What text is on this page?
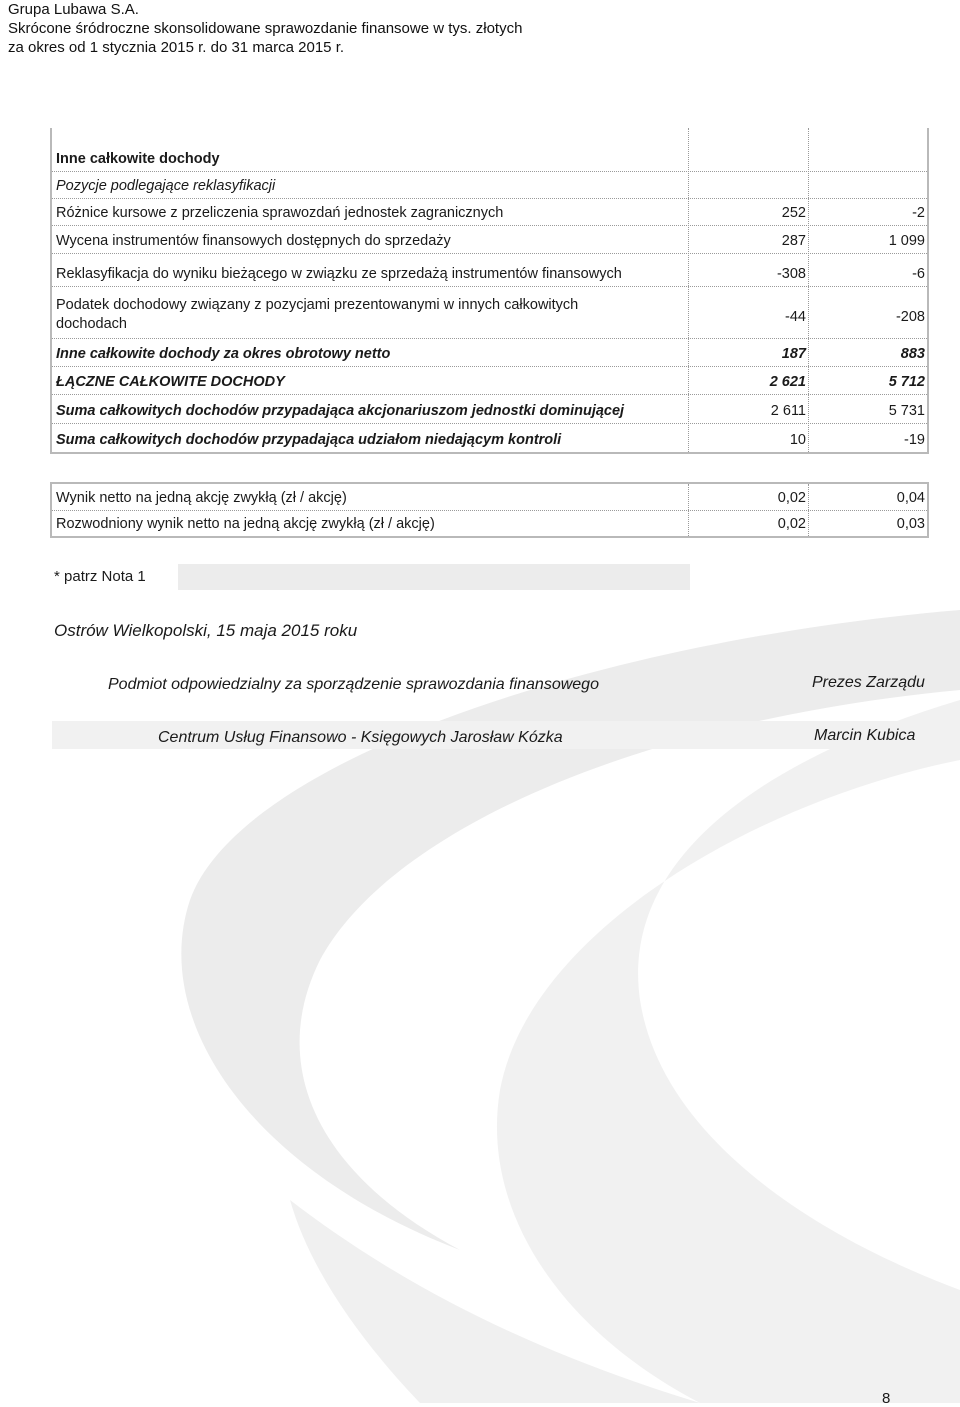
Grupa Lubawa S.A.
Skrócone śródroczne skonsolidowane sprawozdanie finansowe w tys. złotych
za okres od 1 stycznia 2015 r. do 31 marca 2015 r.
Inne całkowite dochody
Pozycje podlegające reklasyfikacji
Różnice kursowe z przeliczenia sprawozdań jednostek zagranicznych	252	-2
Wycena instrumentów finansowych dostępnych do sprzedaży	287	1 099
Reklasyfikacja do wyniku bieżącego w związku ze sprzedażą instrumentów finansowych	-308	-6
Podatek dochodowy związany z pozycjami prezentowanymi w innych całkowitych dochodach	-44	-208
Inne całkowite dochody za okres obrotowy netto	187	883
ŁĄCZNE CAŁKOWITE DOCHODY	2 621	5 712
Suma całkowitych dochodów przypadająca akcjonariuszom jednostki dominującej	2 611	5 731
Suma całkowitych dochodów przypadająca udziałom niedającym kontroli	10	-19
Wynik netto na jedną akcję zwykłą (zł / akcję)	0,02	0,04
Rozwodniony wynik netto na jedną akcję zwykłą (zł / akcję)	0,02	0,03
* patrz Nota 1
Ostrów Wielkopolski, 15 maja 2015 roku
Podmiot odpowiedzialny za sporządzenie sprawozdania finansowego
Centrum Usług Finansowo - Księgowych Jarosław Kózka
Prezes Zarządu
Marcin Kubica
8
